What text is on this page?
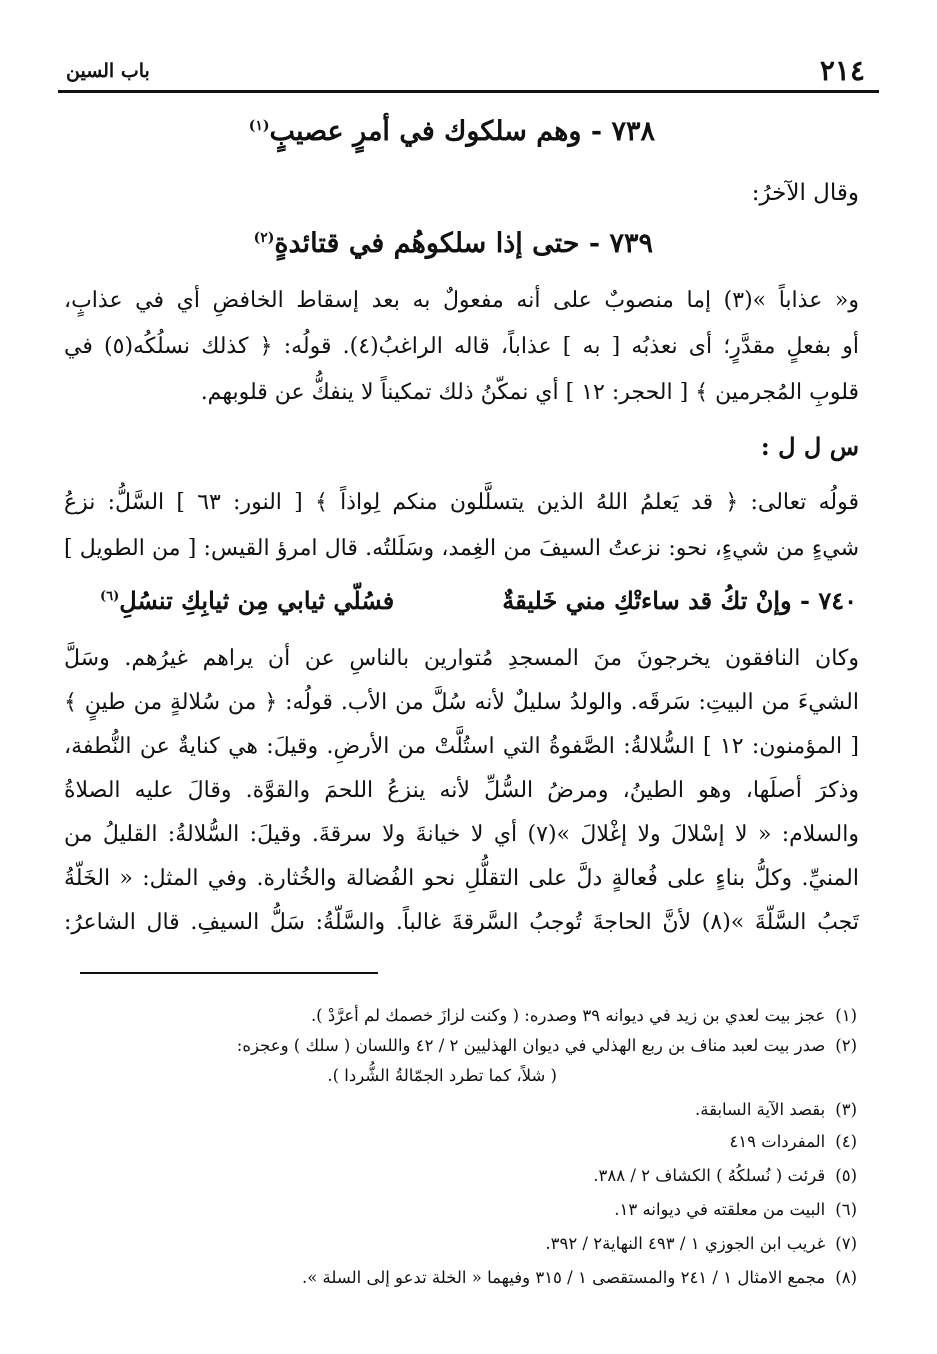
٢١٤
باب السين
٧٣٨ - وهم سلكوك في أمرٍ عصيبٍ$^{(١)}$
وقال الآخرُ:
٧٣٩ - حتى إذا سلكوهُم في قتائدةٍ$^{(٢)}$
و« عذاباً »(٣) إما منصوبٌ على أنه مفعولٌ به بعد إسقاط الخافضِ أي في عذابٍ،
أو بفعلٍ مقدَّرٍ؛ أى نعذبُه [ به ] عذاباً، قاله الراغبُ(٤). قولُه: ﴿ كذلك نسلُكُه(٥) في
قلوبِ المُجرمين ﴾ [ الحجر: ١٢ ] أي نمكّنُ ذلك تمكيناً لا ينفكُّ عن قلوبهم.
س ل ل :
قولُه تعالى: ﴿ قد يَعلمُ اللهُ الذين يتسلَّلون منكم لِواذاً ﴾ [ النور: ٦٣ ] السَّلُّ: نزعُ
شيءٍ من شيءٍ، نحو: نزعتُ السيفَ من الغِمد، وسَلَلتُه. قال امرؤ القيس: [ من الطويل ]
٧٤٠ - وإنْ تكُ قد ساءتْكِ مني خَليقةٌ
فسُلّي ثيابي مِن ثيابِكِ تنسُلِ$^{(٦)}$
وكان النافقون يخرجونَ منَ المسجدِ مُتوارين بالناسِ عن أن يراهم غيرُهم. وسَلَّ
الشيءَ من البيتِ: سَرقَه. والولدُ سليلٌ لأنه سُلَّ من الأب. قولُه: ﴿ من سُلالةٍ من طينٍ ﴾
[ المؤمنون: ١٢ ] السُّلالةُ: الصَّفوةُ التي استُلَّتْ من الأرضِ. وقيلَ: هي كنايةٌ عن النُّطفة،
وذكرَ أصلَها، وهو الطينُ، ومرضُ السُّلِّ لأنه ينزعُ اللحمَ والقوَّة. وقالَ عليه الصلاةُ
والسلام: « لا إسْلالَ ولا إغْلالَ »(٧) أي لا خيانةَ ولا سرقةَ. وقيلَ: السُّلالةُ: القليلُ من
المنيِّ. وكلُّ بناءٍ على فُعالةٍ دلَّ على التقلُّلِ نحو الفُضالة والخُثارة. وفي المثل: « الخَلّةُ
تَجبُ السَّلّةَ »(٨) لأنَّ الحاجةَ تُوجبُ السَّرقةَ غالباً. والسَّلّةُ: سَلُّ السيفِ. قال الشاعرُ:
(١)عجز بيت لعدي بن زيد في ديوانه ٣٩ وصدره: ( وكنت لزازَ خصمك لم أعرَّدْ ).
(٢)صدر بيت لعبد مناف بن ربع الهذلي في ديوان الهذليين ٢ / ٤٢ واللسان ( سلك ) وعجزه:
( شلاً، كما تطرد الجمّالةُ الشُّردا ).
(٣)بقصد الآية السابقة.
(٤)المفردات ٤١٩
(٥)قرئت ( نُسلكُهُ ) الكشاف ٢ / ٣٨٨.
(٦)البيت من معلقته في ديوانه ١٣.
(٧)غريب ابن الجوزي ١ / ٤٩٣ النهاية٢ / ٣٩٢.
(٨)مجمع الامثال ١ / ٢٤١ والمستقصى ١ / ٣١٥ وفيهما « الخلة تدعو إلى السلة ».
